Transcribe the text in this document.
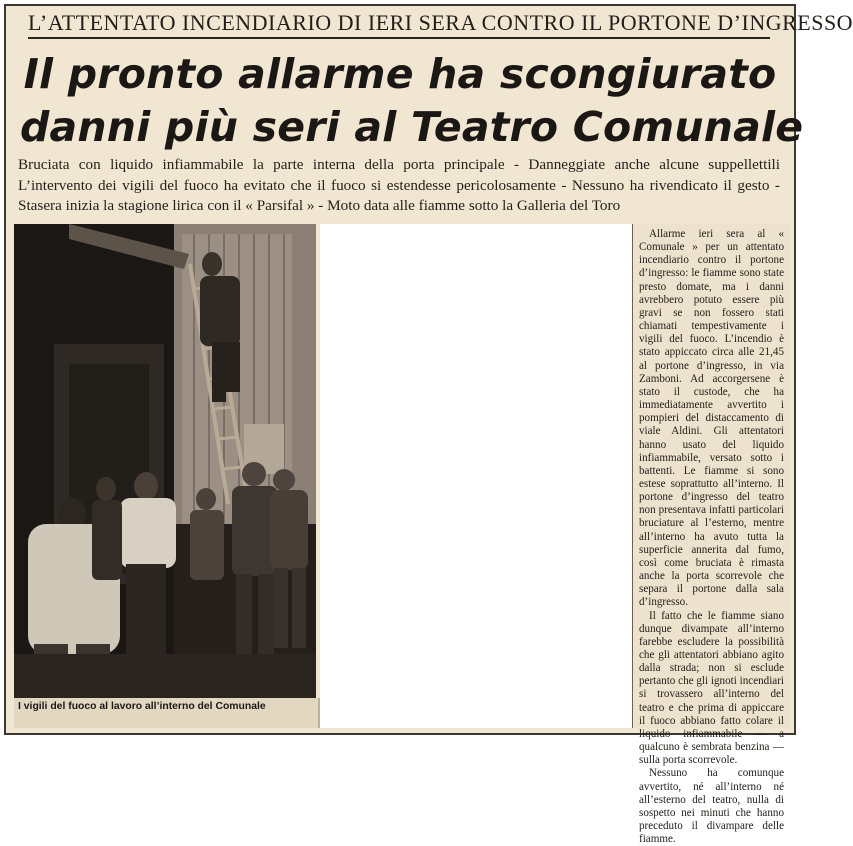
L’ATTENTATO INCENDIARIO DI IERI SERA CONTRO IL PORTONE D’INGRESSO
Il pronto allarme ha scongiurato
danni più seri al Teatro Comunale
Bruciata con liquido infiammabile la parte interna della porta principale - Danneggiate anche alcune suppellettili L’intervento dei vigili del fuoco ha evitato che il fuoco si estendesse pericolosamente - Nessuno ha rivendicato il gesto - Stasera inizia la stagione lirica con il « Parsifal » - Moto data alle fiamme sotto la Galleria del Toro
I vigili del fuoco al lavoro all’interno del Comunale

Allarme ieri sera al « Comunale » per un attentato incendiario contro il portone d’ingresso: le fiamme sono state presto domate, ma i danni avrebbero potuto essere più gravi se non fossero stati chiamati tempestivamente i vigili del fuoco. L’incendio è stato appiccato circa alle 21,45 al portone d’ingresso, in via Zamboni. Ad accorgersene è stato il custode, che ha immediatamente avvertito i pompieri del distaccamento di viale Aldini. Gli attentatori hanno usato del liquido infiammabile, versato sotto i battenti. Le fiamme si sono estese soprattutto all’interno. Il portone d’ingresso del teatro non presentava infatti particolari bruciature al l’esterno, mentre all’interno ha avuto tutta la superficie annerita dal fumo, così come bruciata è rimasta anche la porta scorrevole che separa il portone dalla sala d’ingresso.

Il fatto che le fiamme siano dunque divampate all’interno farebbe escludere la possibilità che gli attentatori abbiano agito dalla strada; non si esclude pertanto che gli ignoti incendiari si trovassero all’interno del teatro e che prima di appiccare il fuoco abbiano fatto colare il liquido infiammabile — a qualcuno è sembrata benzina — sulla porta scorrevole.

Nessuno ha comunque avvertito, né all’interno né all’esterno del teatro, nulla di sospetto nei minuti che hanno preceduto il divampare delle fiamme.
